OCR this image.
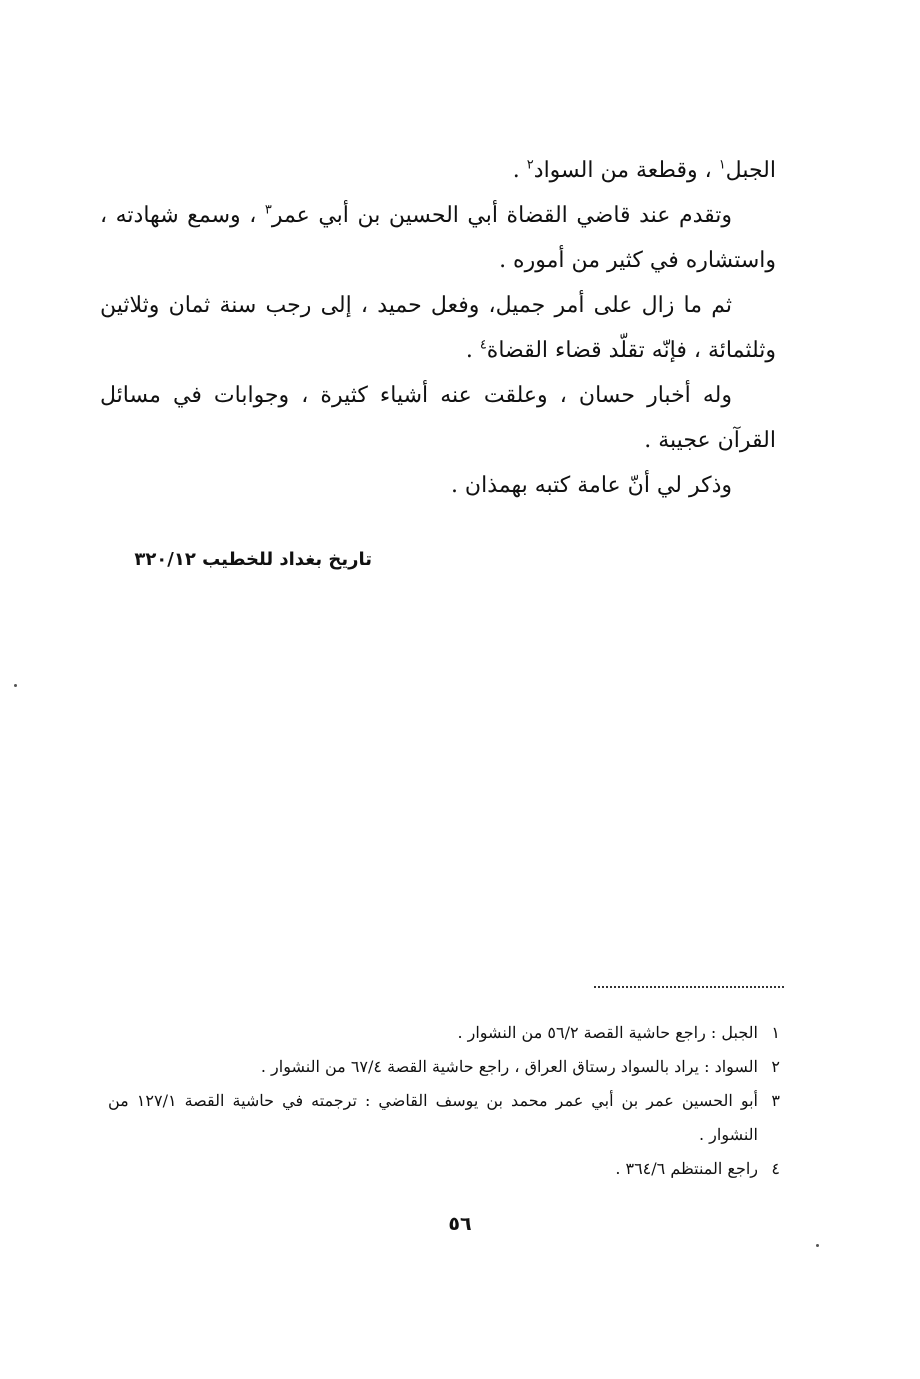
الجبل$^١$ ، وقطعة من السواد$^٢$ .

وتقدم عند قاضي القضاة أبي الحسين بن أبي عمر$^٣$ ، وسمع شهادته ، واستشاره في كثير من أموره .

ثم ما زال على أمر جميل، وفعل حميد ، إلى رجب سنة ثمان وثلاثين وثلثمائة ، فإنّه تقلّد قضاء القضاة$^٤$ .

وله أخبار حسان ، وعلقت عنه أشياء كثيرة ، وجوابات في مسائل القرآن عجيبة .

وذكر لي أنّ عامة كتبه بهمذان .

تاريخ بغداد للخطيب ٣٢٠/١٢

١
الجبل : راجع حاشية القصة ٥٦/٢ من النشوار .

٢
السواد : يراد بالسواد رستاق العراق ، راجع حاشية القصة ٦٧/٤ من النشوار .

٣
أبو الحسين عمر بن أبي عمر محمد بن يوسف القاضي : ترجمته في حاشية القصة ١٢٧/١ من النشوار .

٤
راجع المنتظم ٣٦٤/٦ .

٥٦
